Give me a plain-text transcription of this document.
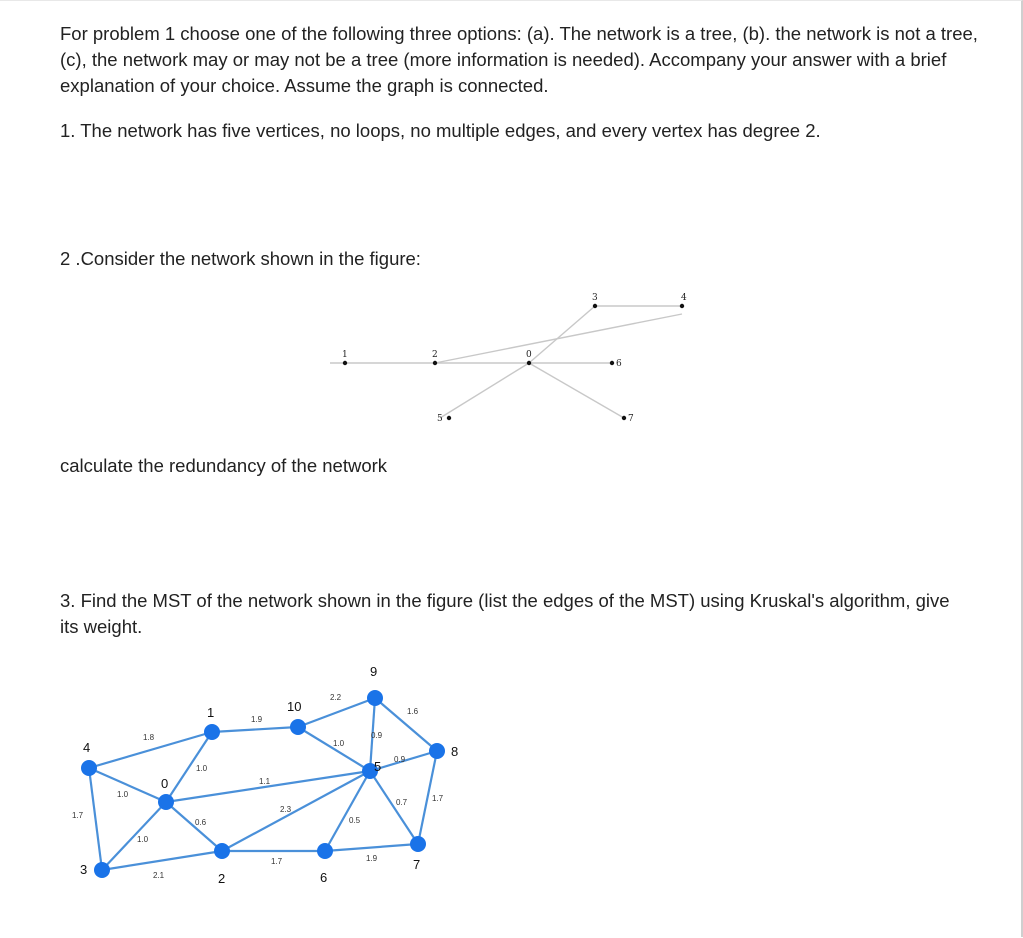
For problem 1 choose one of the following three options: (a). The network is a tree, (b). the network is not a tree, (c), the network may or may not be a tree (more information is needed). Accompany your answer with a brief explanation of your choice. Assume the graph is connected.

1. The network has five vertices, no loops, no multiple edges, and every vertex has degree 2.

2 .Consider the network shown in the figure:

calculate the redundancy of the network

3. Find the MST of the network shown in the figure (list the edges of the MST) using Kruskal's algorithm, give its weight.

0
1	2
3	4
5
6
7
0
1
2
3
4
5
6
7
8
9
10
1.8
1.0
1.0
1.7
1.0
2.1
1.0
0.6
1.9
1.1
2.3
2.2
1.6
0.9
0.9
0.7	1.7
0.5
1.7	1.9
